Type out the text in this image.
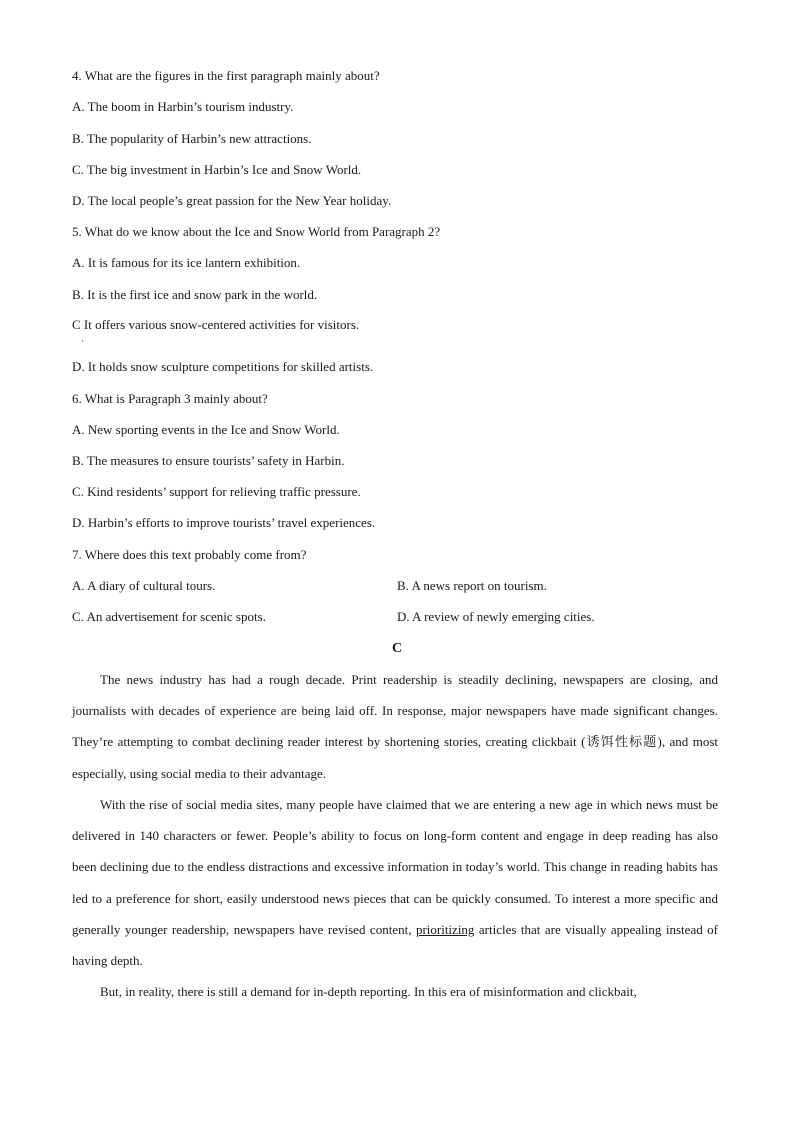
4. What are the figures in the first paragraph mainly about?
A. The boom in Harbin’s tourism industry.
B. The popularity of Harbin’s new attractions.
C. The big investment in Harbin’s Ice and Snow World.
D. The local people’s great passion for the New Year holiday.
5. What do we know about the Ice and Snow World from Paragraph 2?
A. It is famous for its ice lantern exhibition.
B. It is the first ice and snow park in the world.
C It offers various snow-centered activities for visitors.
·
D. It holds snow sculpture competitions for skilled artists.
6. What is Paragraph 3 mainly about?
A. New sporting events in the Ice and Snow World.
B. The measures to ensure tourists’ safety in Harbin.
C. Kind residents’ support for relieving traffic pressure.
D. Harbin’s efforts to improve tourists’ travel experiences.
7. Where does this text probably come from?
A. A diary of cultural tours.	B. A news report on tourism.
C. An advertisement for scenic spots.	D. A review of newly emerging cities.
C

The news industry has had a rough decade. Print readership is steadily declining, newspapers are closing, and journalists with decades of experience are being laid off. In response, major newspapers have made significant changes. They’re attempting to combat declining reader interest by shortening stories, creating clickbait (诱饵性标题), and most especially, using social media to their advantage.

With the rise of social media sites, many people have claimed that we are entering a new age in which news must be delivered in 140 characters or fewer. People’s ability to focus on long-form content and engage in deep reading has also been declining due to the endless distractions and excessive information in today’s world. This change in reading habits has led to a preference for short, easily understood news pieces that can be quickly consumed. To interest a more specific and generally younger readership, newspapers have revised content, prioritizing articles that are visually appealing instead of having depth.

But, in reality, there is still a demand for in-depth reporting. In this era of misinformation and clickbait,
